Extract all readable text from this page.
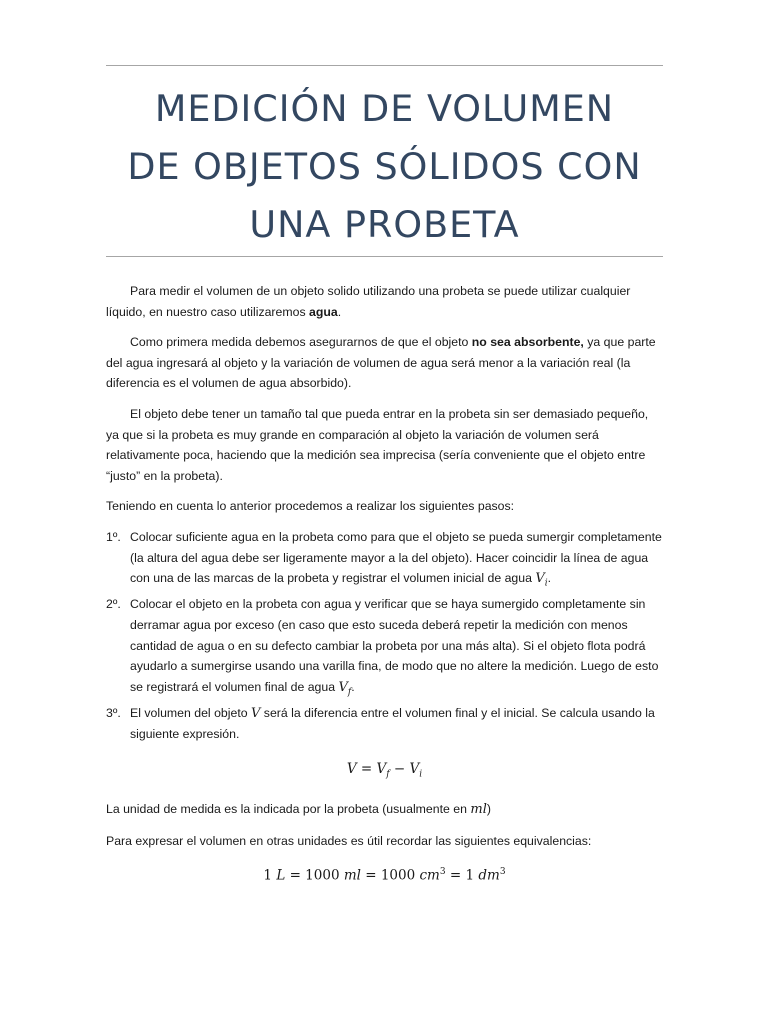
MEDICIÓN DE VOLUMEN
DE OBJETOS SÓLIDOS CON
UNA PROBETA

Para medir el volumen de un objeto solido utilizando una probeta se puede utilizar cualquier líquido, en nuestro caso utilizaremos agua.

Como primera medida debemos asegurarnos de que el objeto no sea absorbente, ya que parte del agua ingresará al objeto y la variación de volumen de agua será menor a la variación real (la diferencia es el volumen de agua absorbido).

El objeto debe tener un tamaño tal que pueda entrar en la probeta sin ser demasiado pequeño, ya que si la probeta es muy grande en comparación al objeto la variación de volumen será relativamente poca, haciendo que la medición sea imprecisa (sería conveniente que el objeto entre “justo” en la probeta).

Teniendo en cuenta lo anterior procedemos a realizar los siguientes pasos:

1º. Colocar suficiente agua en la probeta como para que el objeto se pueda sumergir completamente (la altura del agua debe ser ligeramente mayor a la del objeto). Hacer coincidir la línea de agua con una de las marcas de la probeta y registrar el volumen inicial de agua $V_i$.
2º. Colocar el objeto en la probeta con agua y verificar que se haya sumergido completamente sin derramar agua por exceso (en caso que esto suceda deberá repetir la medición con menos cantidad de agua o en su defecto cambiar la probeta por una más alta). Si el objeto flota podrá ayudarlo a sumergirse usando una varilla fina, de modo que no altere la medición. Luego de esto se registrará el volumen final de agua $V_f$.
3º. El volumen del objeto V será la diferencia entre el volumen final y el inicial. Se calcula usando la siguiente expresión.
$V = V_f - V_i$

La unidad de medida es la indicada por la probeta (usualmente en ml)

Para expresar el volumen en otras unidades es útil recordar las siguientes equivalencias:

1 L = 1000 ml = 1000 $cm^3 = 1$ $dm^3$
